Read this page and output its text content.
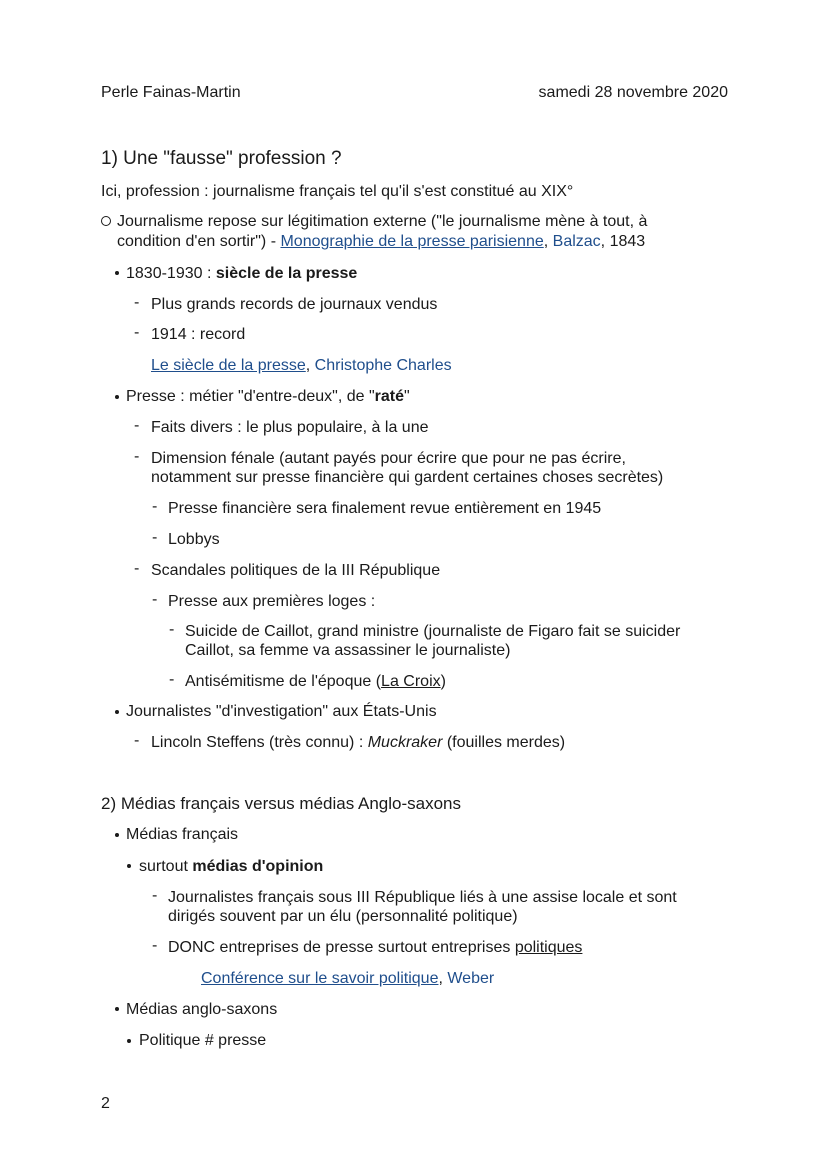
Perle Fainas-Martin	samedi 28 novembre 2020
1) Une "fausse" profession ?
Ici, profession : journalisme français tel qu'il s'est constitué au XIX°
Journalisme repose sur légitimation externe ("le journalisme mène à tout, à
condition d'en sortir") - Monographie de la presse parisienne, Balzac, 1843
1830-1930 : siècle de la presse
- Plus grands records de journaux vendus
- 1914 : record
Le siècle de la presse, Christophe Charles
Presse : métier "d'entre-deux", de "raté"
- Faits divers : le plus populaire, à la une
- Dimension fénale (autant payés pour écrire que pour ne pas écrire,
notamment sur presse financière qui gardent certaines choses secrètes)
- Presse financière sera finalement revue entièrement en 1945
- Lobbys
- Scandales politiques de la III République
- Presse aux premières loges :
- Suicide de Caillot, grand ministre (journaliste de Figaro fait se suicider
Caillot, sa femme va assassiner le journaliste)
- Antisémitisme de l'époque (La Croix)
Journalistes "d'investigation" aux États-Unis
- Lincoln Steffens (très connu) : Muckraker (fouilles merdes)
2) Médias français versus médias Anglo-saxons
Médias français
surtout médias d'opinion
- Journalistes français sous III République liés à une assise locale et sont
dirigés souvent par un élu (personnalité politique)
- DONC entreprises de presse surtout entreprises politiques
Conférence sur le savoir politique, Weber
Médias anglo-saxons
Politique # presse
2
